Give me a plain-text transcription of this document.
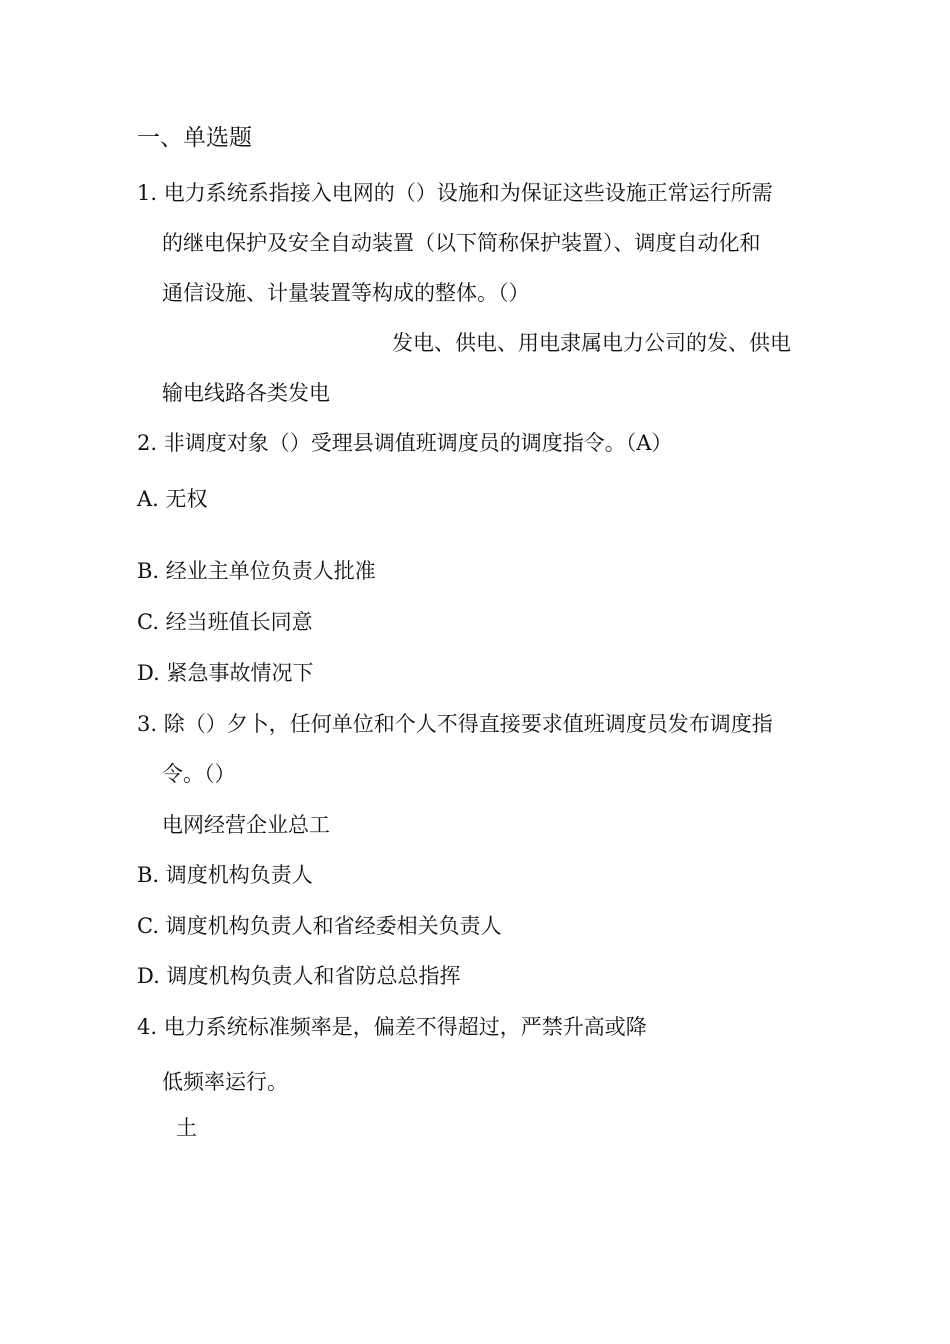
一、单选题
1. 电力系统系指接入电网的（）设施和为保证这些设施正常运行所需
的继电保护及安全自动装置（以下简称保护装置）、调度自动化和
通信设施、计量装置等构成的整体。（）
发电、供电、用电隶属电力公司的发、供电
输电线路各类发电
2. 非调度对象（）受理县调值班调度员的调度指令。（A）
A. 无权
B. 经业主单位负责人批准
C. 经当班值长同意
D. 紧急事故情况下
3. 除（）夕卜，任何单位和个人不得直接要求值班调度员发布调度指
令。（）
电网经营企业总工
B. 调度机构负责人
C. 调度机构负责人和省经委相关负责人
D. 调度机构负责人和省防总总指挥
4. 电力系统标准频率是，偏差不得超过，严禁升高或降
低频率运行。
土
